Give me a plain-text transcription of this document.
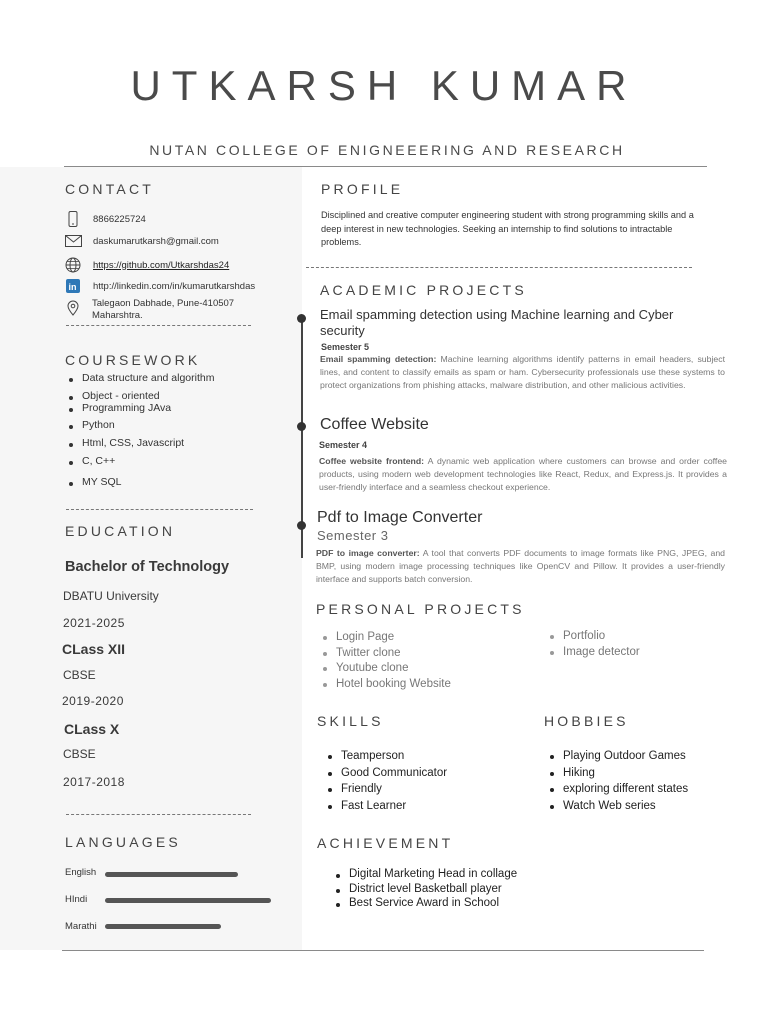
UTKARSH KUMAR
NUTAN COLLEGE OF ENIGNEEERING AND RESEARCH
CONTACT
8866225724
daskumarutkarsh@gmail.com
https://github.com/Utkarshdas24
in http://linkedin.com/in/kumarutkarshdas
Talegaon Dabhade, Pune-410507
Maharshtra.
COURSEWORK
Data structure and algorithm
Object - oriented
Programming JAva
Python
Html, CSS, Javascript
C, C++
MY SQL
EDUCATION
Bachelor of Technology
DBATU University
2021-2025
CLass XII
CBSE
2019-2020
CLass X
CBSE
2017-2018
LANGUAGES
English
HIndi
Marathi
PROFILE
Disciplined and creative computer engineering student with strong programming skills and a deep interest in new technologies. Seeking an internship to find solutions to intractable problems.
ACADEMIC PROJECTS
Email spamming detection using Machine learning and Cyber security
Semester 5
Email spamming detection: Machine learning algorithms identify patterns in email headers, subject lines, and content to classify emails as spam or ham. Cybersecurity professionals use these systems to protect organizations from phishing attacks, malware distribution, and other malicious activities.
Coffee Website
Semester 4
Coffee website frontend: A dynamic web application where customers can browse and order coffee products, using modern web development technologies like React, Redux, and Express.js. It provides a user-friendly interface and a seamless checkout experience.
Pdf to Image Converter
Semester 3
PDF to image converter: A tool that converts PDF documents to image formats like PNG, JPEG, and BMP, using modern image processing techniques like OpenCV and Pillow. It provides a user-friendly interface and supports batch conversion.
PERSONAL PROJECTS
Login Page
Twitter clone
Youtube clone
Hotel booking Website
Portfolio
Image detector
SKILLS
Teamperson
Good Communicator
Friendly
Fast Learner
HOBBIES
Playing Outdoor Games
Hiking
exploring different states
Watch Web series
ACHIEVEMENT
Digital Marketing Head in collage
District level Basketball player
Best Service Award in School
